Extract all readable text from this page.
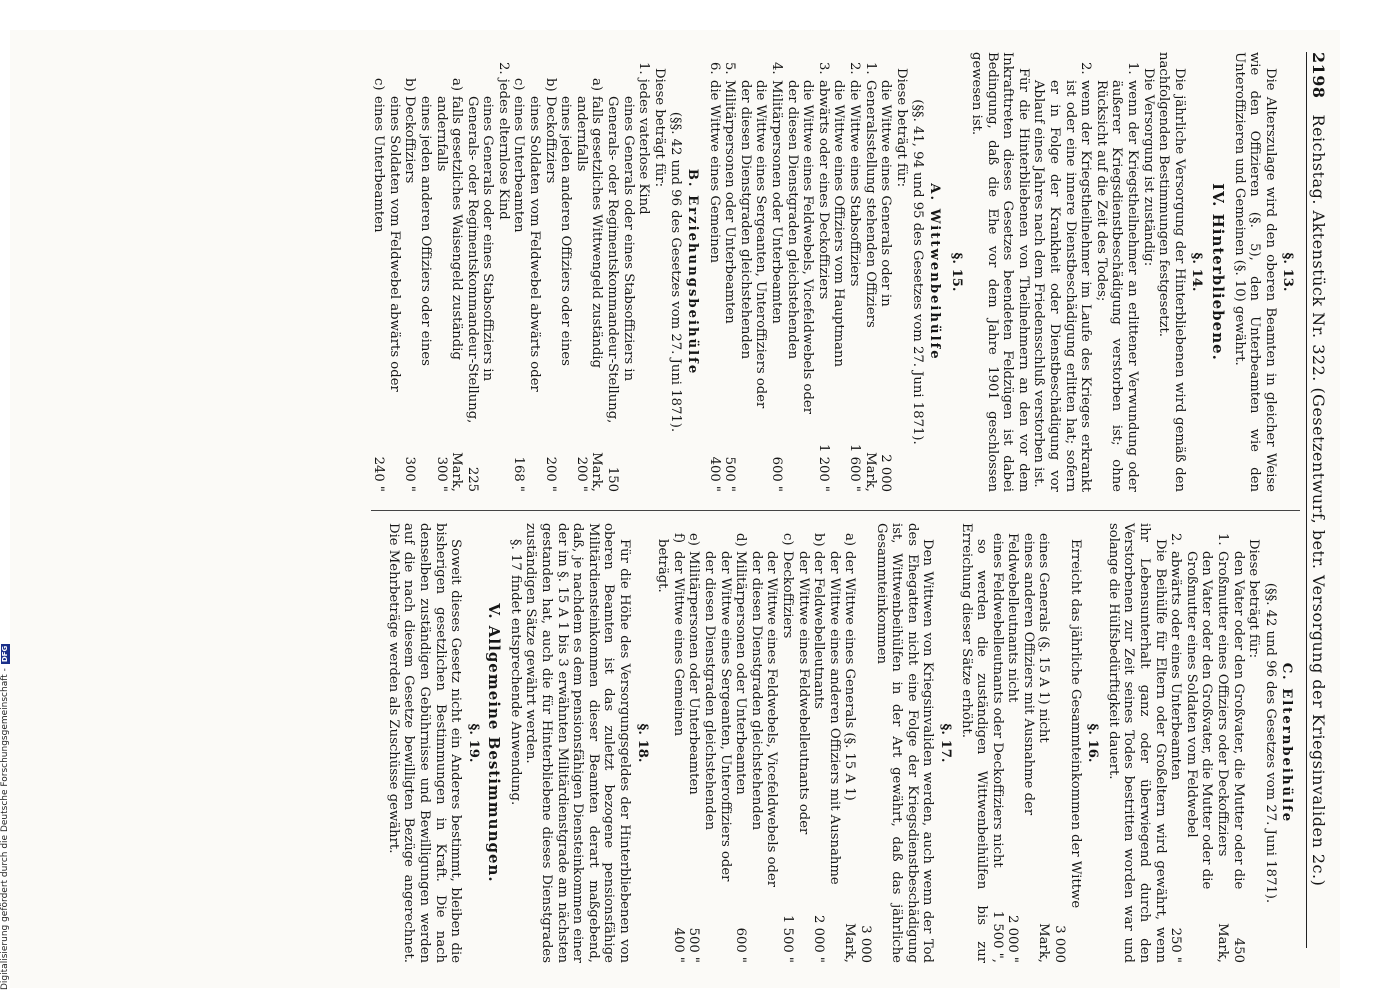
2198
Reichstag. Aktenstück Nr. 322. (Gesetzentwurf, betr. Versorgung der Kriegsinvaliden 2c.)
§. 13.

Die Alterszulage wird den oberen Beamten in gleicher Weise wie den Offizieren (§. 5), den Unterbeamten wie den Unteroffizieren und Gemeinen (§. 10) gewährt.

IV. Hinterbliebene.
§. 14.

Die jährliche Versorgung der Hinterbliebenen wird gemäß den nachfolgenden Bestimmungen festgesetzt.

Die Versorgung ist zuständig:

1.
wenn der Kriegstheilnehmer an erlittener Verwundung oder äußerer Kriegsdienstbeschädigung verstorben ist; ohne Rücksicht auf die Zeit des Todes;
2.
wenn der Kriegstheilnehmer im Laufe des Krieges erkrankt ist oder eine innere Dienstbeschädigung erlitten hat; sofern er in Folge der Krankheit oder Dienstbeschädigung vor Ablauf eines Jahres nach dem Friedensschluß verstorben ist.

Für die Hinterbliebenen von Theilnehmern an den vor dem Inkrafttreten dieses Gesetzes beendeten Feldzügen ist dabei Bedingung, daß die Ehe vor dem Jahre 1901 geschlossen gewesen ist.

§. 15.
A. Wittwenbeihülfe
(§§. 41, 94 und 95 des Gesetzes vom 27. Juni 1871).

Diese beträgt für:

1.
die Wittwe eines Generals oder in Generalsstellung stehenden Offiziers
2 000 Mark,
2.
die Wittwe eines Stabsoffiziers
1 600 "
3.
die Wittwe eines Offiziers vom Hauptmann abwärts oder eines Deckoffiziers
1 200 "
4.
die Wittwe eines Feldwebels, Vicefeldwebels oder der diesen Dienstgraden gleichstehenden Militärpersonen oder Unterbeamten
600 "
5.
die Wittwe eines Sergeanten, Unteroffiziers oder der diesen Dienstgraden gleichstehenden Militärpersonen oder Unterbeamten
500 "
6.
die Wittwe eines Gemeinen
400 "
B. Erziehungsbeihülfe
(§§. 42 und 96 des Gesetzes vom 27. Juni 1871).

Diese beträgt für:

1. jedes vaterlose Kind
a)
eines Generals oder eines Stabsoffiziers in Generals- oder Regimentskommandeur-Stellung, falls gesetzliches Wittwengeld zuständig
150 Mark,
andernfalls
200 "
b)
eines jeden anderen Offiziers oder eines Deckoffiziers
200 "
c)
eines Soldaten vom Feldwebel abwärts oder eines Unterbeamten
168 "
2. jedes elternlose Kind
a)
eines Generals oder eines Stabsoffiziers in Generals- oder Regimentskommandeur-Stellung, falls gesetzliches Waisengeld zuständig
225 Mark,
andernfalls
300 "
b)
eines jeden anderen Offiziers oder eines Deckoffiziers
300 "
c)
eines Soldaten vom Feldwebel abwärts oder eines Unterbeamten
240 "
C. Elternbeihülfe
(§§. 42 und 96 des Gesetzes vom 27. Juni 1871).

Diese beträgt für:

1.
den Vater oder den Großvater, die Mutter oder die Großmutter eines Offiziers oder Deckoffiziers
450 Mark,
2.
den Vater oder den Großvater, die Mutter oder die Großmutter eines Soldaten vom Feldwebel abwärts oder eines Unterbeamten
250 "

Die Beihülfe für Eltern oder Großeltern wird gewährt, wenn ihr Lebensunterhalt ganz oder überwiegend durch den Verstorbenen zur Zeit seines Todes bestritten worden war und solange die Hülfsbedürftigkeit dauert.

§. 16.

Erreicht das jährliche Gesammteinkommen der Wittwe

eines Generals (§. 15 A 1) nicht
3 000 Mark,
eines anderen Offiziers mit Ausnahme der Feldwebelleutnants nicht
2 000 "
eines Feldwebelleutnants oder Deckoffiziers nicht
1 500 ",

so werden die zuständigen Wittwenbeihülfen bis zur Erreichung dieser Sätze erhöht.

§. 17.

Den Wittwen von Kriegsinvaliden werden, auch wenn der Tod des Ehegatten nicht eine Folge der Kriegsdienstbeschädigung ist, Wittwenbeihülfen in der Art gewährt, daß das jährliche Gesammteinkommen

a)
der Wittwe eines Generals (§. 15 A 1)
3 000 Mark,
b)
der Wittwe eines anderen Offiziers mit Ausnahme der Feldwebelleutnants
2 000 "
c)
der Wittwe eines Feldwebelleutnants oder Deckoffiziers
1 500 "
d)
der Wittwe eines Feldwebels, Vicefeldwebels oder der diesen Dienstgraden gleichstehenden Militärpersonen oder Unterbeamten
600 "
e)
der Wittwe eines Sergeanten, Unteroffiziers oder der diesen Dienstgraden gleichstehenden Militärpersonen oder Unterbeamten
500 "
f)
der Wittwe eines Gemeinen
400 "

beträgt.

§. 18.

Für die Höhe des Versorgungsgeldes der Hinterbliebenen von oberen Beamten ist das zuletzt bezogene pensionsfähige Militärdiensteinkommen dieser Beamten derart maßgebend, daß, je nachdem es dem pensionsfähigen Diensteinkommen einer der im §. 15 A 1 bis 3 erwähnten Militärdienstgrade am nächsten gestanden hat, auch die für Hinterbliebene dieses Dienstgrades zuständigen Sätze gewährt werden.

§. 17 findet entsprechende Anwendung.

V. Allgemeine Bestimmungen.
§. 19.

Soweit dieses Gesetz nicht ein Anderes bestimmt, bleiben die bisherigen gesetzlichen Bestimmungen in Kraft. Die nach denselben zuständigen Gebührnisse und Bewilligungen werden auf die nach diesem Gesetze bewilligten Bezüge angerechnet. Die Mehrbeträge werden als Zuschüsse gewährt.

Digitalisierung gefördert durch die Deutsche Forschungsgemeinschaft -
DFG
